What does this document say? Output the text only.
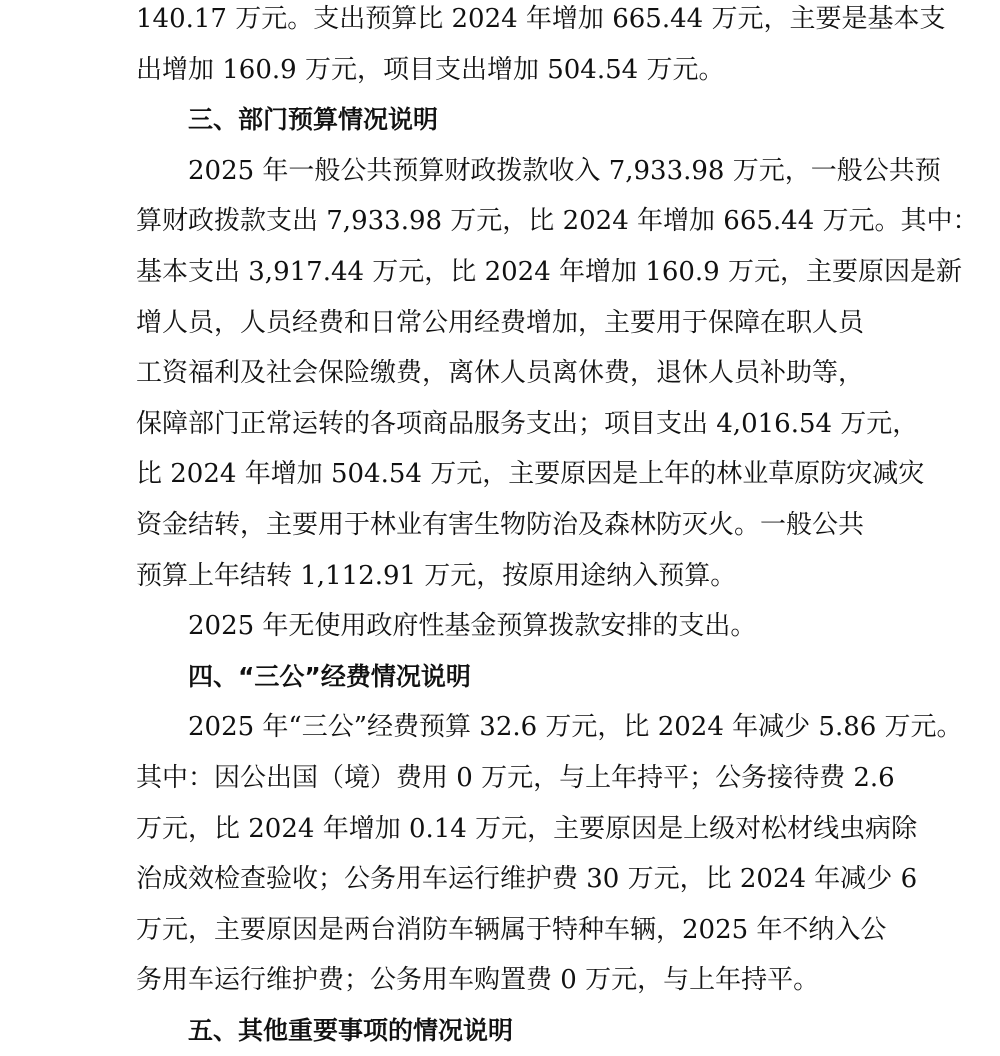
140.17 万元。支出预算比 2024 年增加 665.44 万元，主要是基本支
出增加 160.9 万元，项目支出增加 504.54 万元。
三、部门预算情况说明
2025 年一般公共预算财政拨款收入 7,933.98 万元，一般公共预
算财政拨款支出 7,933.98 万元，比 2024 年增加 665.44 万元。其中：
基本支出 3,917.44 万元，比 2024 年增加 160.9 万元，主要原因是新
增人员，人员经费和日常公用经费增加，主要用于保障在职人员
工资福利及社会保险缴费，离休人员离休费，退休人员补助等，
保障部门正常运转的各项商品服务支出；项目支出 4,016.54 万元，
比 2024 年增加 504.54 万元，主要原因是上年的林业草原防灾减灾
资金结转，主要用于林业有害生物防治及森林防灭火。一般公共
预算上年结转 1,112.91 万元，按原用途纳入预算。
2025 年无使用政府性基金预算拨款安排的支出。
四、“三公”经费情况说明
2025 年“三公”经费预算 32.6 万元，比 2024 年减少 5.86 万元。
其中：因公出国（境）费用 0 万元，与上年持平；公务接待费 2.6
万元，比 2024 年增加 0.14 万元，主要原因是上级对松材线虫病除
治成效检查验收；公务用车运行维护费 30 万元，比 2024 年减少 6
万元，主要原因是两台消防车辆属于特种车辆，2025 年不纳入公
务用车运行维护费；公务用车购置费 0 万元，与上年持平。
五、其他重要事项的情况说明
